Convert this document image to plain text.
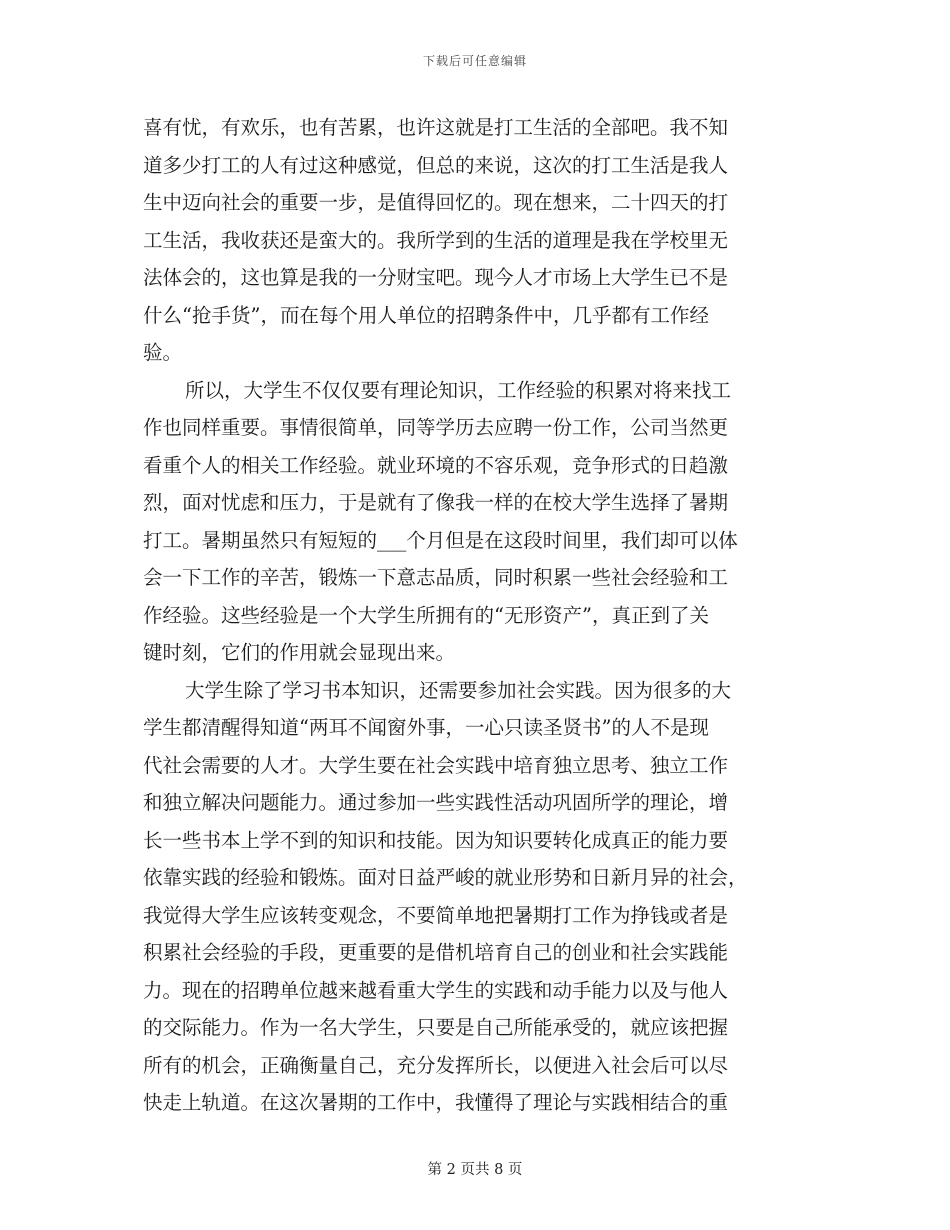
下载后可任意编辑
喜有忧，有欢乐，也有苦累，也许这就是打工生活的全部吧。我不知
道多少打工的人有过这种感觉，但总的来说，这次的打工生活是我人
生中迈向社会的重要一步，是值得回忆的。现在想来，二十四天的打
工生活，我收获还是蛮大的。我所学到的生活的道理是我在学校里无
法体会的，这也算是我的一分财宝吧。现今人才市场上大学生已不是
什么“抢手货”，而在每个用人单位的招聘条件中，几乎都有工作经
验。
所以，大学生不仅仅要有理论知识，工作经验的积累对将来找工
作也同样重要。事情很简单，同等学历去应聘一份工作，公司当然更
看重个人的相关工作经验。就业环境的不容乐观，竞争形式的日趋激
烈，面对忧虑和压力，于是就有了像我一样的在校大学生选择了暑期
打工。暑期虽然只有短短的___个月但是在这段时间里，我们却可以体
会一下工作的辛苦，锻炼一下意志品质，同时积累一些社会经验和工
作经验。这些经验是一个大学生所拥有的“无形资产”，真正到了关
键时刻，它们的作用就会显现出来。
大学生除了学习书本知识，还需要参加社会实践。因为很多的大
学生都清醒得知道“两耳不闻窗外事，一心只读圣贤书”的人不是现
代社会需要的人才。大学生要在社会实践中培育独立思考、独立工作
和独立解决问题能力。通过参加一些实践性活动巩固所学的理论，增
长一些书本上学不到的知识和技能。因为知识要转化成真正的能力要
依靠实践的经验和锻炼。面对日益严峻的就业形势和日新月异的社会，
我觉得大学生应该转变观念，不要简单地把暑期打工作为挣钱或者是
积累社会经验的手段，更重要的是借机培育自己的创业和社会实践能
力。现在的招聘单位越来越看重大学生的实践和动手能力以及与他人
的交际能力。作为一名大学生，只要是自己所能承受的，就应该把握
所有的机会，正确衡量自己，充分发挥所长，以便进入社会后可以尽
快走上轨道。在这次暑期的工作中，我懂得了理论与实践相结合的重
第 2 页共 8 页
